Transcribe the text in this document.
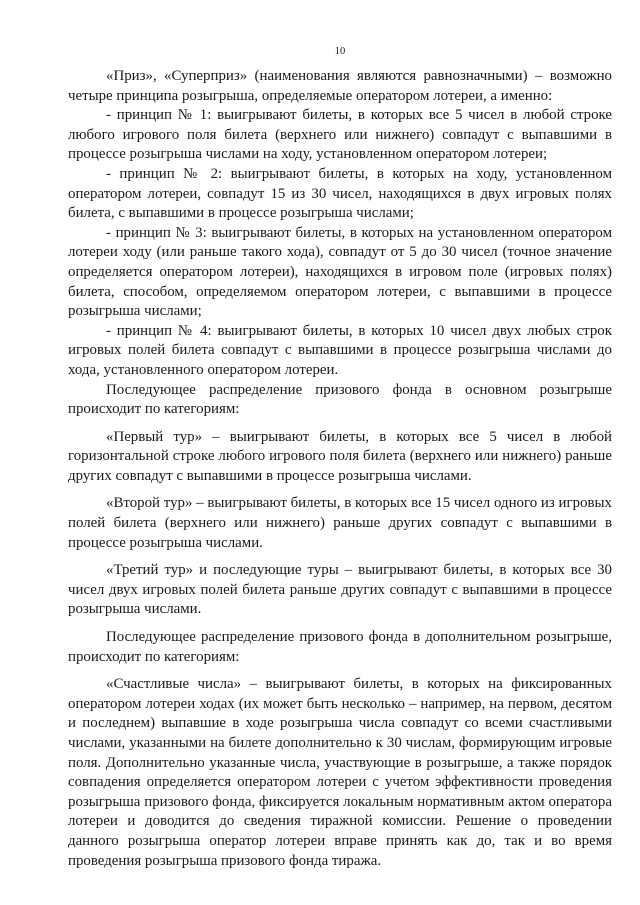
10

«Приз», «Суперприз» (наименования являются равнозначными) – возможно четыре принципа розыгрыша, определяемые оператором лотереи, а именно:

- принцип № 1: выигрывают билеты, в которых все 5 чисел в любой строке любого игрового поля билета (верхнего или нижнего) совпадут с выпавшими в процессе розыгрыша числами на ходу, установленном оператором лотереи;

- принцип № 2: выигрывают билеты, в которых на ходу, установленном оператором лотереи, совпадут 15 из 30 чисел, находящихся в двух игровых полях билета, с выпавшими в процессе розыгрыша числами;

- принцип № 3: выигрывают билеты, в которых на установленном оператором лотереи ходу (или раньше такого хода), совпадут от 5 до 30 чисел (точное значение определяется оператором лотереи), находящихся в игровом поле (игровых полях) билета, способом, определяемом оператором лотереи, с выпавшими в процессе розыгрыша числами;

- принцип № 4: выигрывают билеты, в которых 10 чисел двух любых строк игровых полей билета совпадут с выпавшими в процессе розыгрыша числами до хода, установленного оператором лотереи.

Последующее распределение призового фонда в основном розыгрыше происходит по категориям:

«Первый тур» – выигрывают билеты, в которых все 5 чисел в любой горизонтальной строке любого игрового поля билета (верхнего или нижнего) раньше других совпадут с выпавшими в процессе розыгрыша числами.

«Второй тур» – выигрывают билеты, в которых все 15 чисел одного из игровых полей билета (верхнего или нижнего) раньше других совпадут с выпавшими в процессе розыгрыша числами.

«Третий тур» и последующие туры – выигрывают билеты, в которых все 30 чисел двух игровых полей билета раньше других совпадут с выпавшими в процессе розыгрыша числами.

Последующее распределение призового фонда в дополнительном розыгрыше, происходит по категориям:

«Счастливые числа» – выигрывают билеты, в которых на фиксированных оператором лотереи ходах (их может быть несколько – например, на первом, десятом и последнем) выпавшие в ходе розыгрыша числа совпадут со всеми счастливыми числами, указанными на билете дополнительно к 30 числам, формирующим игровые поля. Дополнительно указанные числа, участвующие в розыгрыше, а также порядок совпадения определяется оператором лотереи с учетом эффективности проведения розыгрыша призового фонда, фиксируется локальным нормативным актом оператора лотереи и доводится до сведения тиражной комиссии. Решение о проведении данного розыгрыша оператор лотереи вправе принять как до, так и во время проведения розыгрыша призового фонда тиража.
